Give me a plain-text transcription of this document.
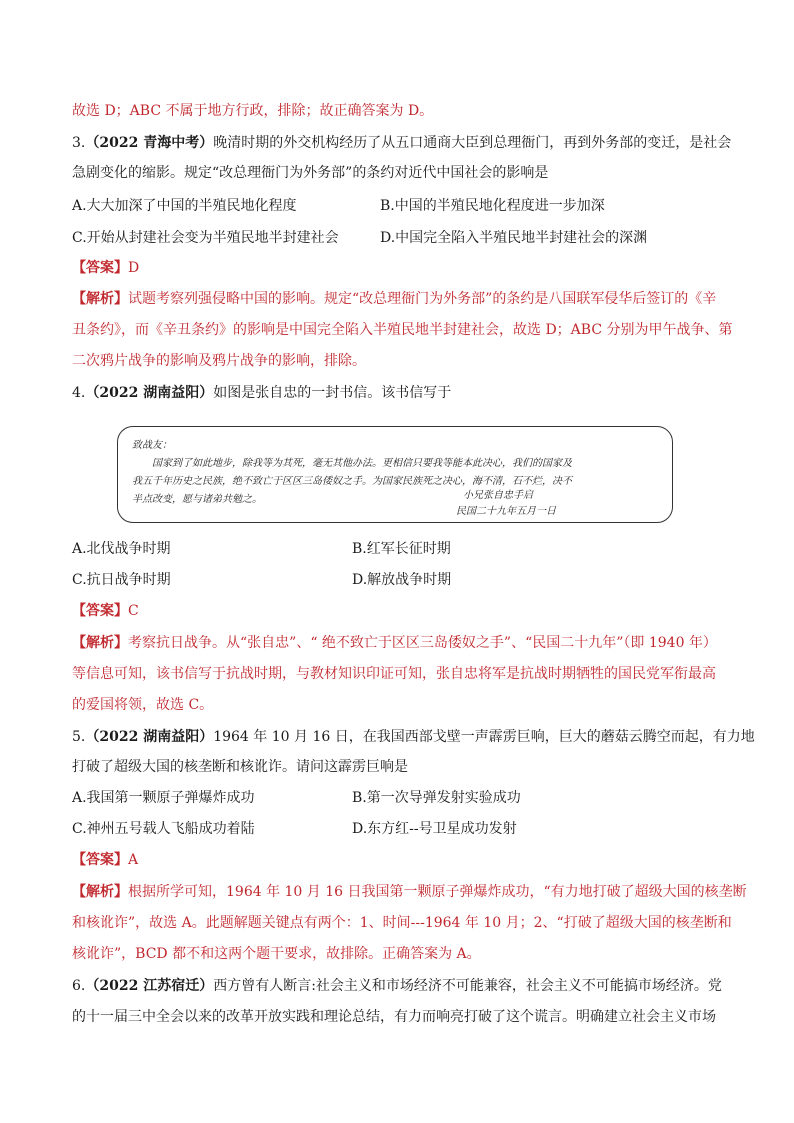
故选 D；ABC 不属于地方行政，排除；故正确答案为 D。
3.（2022 青海中考）晚清时期的外交机构经历了从五口通商大臣到总理衙门，再到外务部的变迁，是社会
急剧变化的缩影。规定“改总理衙门为外务部”的条约对近代中国社会的影响是
A.大大加深了中国的半殖民地化程度	B.中国的半殖民地化程度进一步加深
C.开始从封建社会变为半殖民地半封建社会	D.中国完全陷入半殖民地半封建社会的深渊
【答案】D
【解析】试题考察列强侵略中国的影响。规定“改总理衙门为外务部”的条约是八国联军侵华后签订的《辛
丑条约》，而《辛丑条约》的影响是中国完全陷入半殖民地半封建社会，故选 D；ABC 分别为甲午战争、第
二次鸦片战争的影响及鸦片战争的影响，排除。
4.（2022 湖南益阳）如图是张自忠的一封书信。该书信写于
致战友：
国家到了如此地步，除我等为其死，毫无其他办法。更相信只要我等能本此决心，我们的国家及
我五千年历史之民族，绝不致亡于区区三岛倭奴之手。为国家民族死之决心，海不清，石不烂，决不
半点改变，愿与诸弟共勉之。	小兄张自忠手启
民国二十九年五月一日
A.北伐战争时期	B.红军长征时期
C.抗日战争时期	D.解放战争时期
【答案】C
【解析】考察抗日战争。从“张自忠”、“ 绝不致亡于区区三岛倭奴之手”、“民国二十九年”（即 1940 年）
等信息可知，该书信写于抗战时期，与教材知识印证可知，张自忠将军是抗战时期牺牲的国民党军衔最高
的爱国将领，故选 C。
5.（2022 湖南益阳）1964 年 10 月 16 日，在我国西部戈壁一声霹雳巨响，巨大的蘑菇云腾空而起，有力地
打破了超级大国的核垄断和核讹诈。请问这霹雳巨响是
A.我国第一颗原子弹爆炸成功	B.第一次导弹发射实验成功
C.神州五号载人飞船成功着陆	D.东方红--号卫星成功发射
【答案】A
【解析】根据所学可知，1964 年 10 月 16 日我国第一颗原子弹爆炸成功，“有力地打破了超级大国的核垄断
和核讹诈”，故选 A。此题解题关键点有两个：1、时间---1964 年 10 月；2、“打破了超级大国的核垄断和
核讹诈”，BCD 都不和这两个题干要求，故排除。正确答案为 A。
6.（2022 江苏宿迁）西方曾有人断言:社会主义和市场经济不可能兼容，社会主义不可能搞市场经济。党
的十一届三中全会以来的改革开放实践和理论总结，有力而响亮打破了这个谎言。明确建立社会主义市场
